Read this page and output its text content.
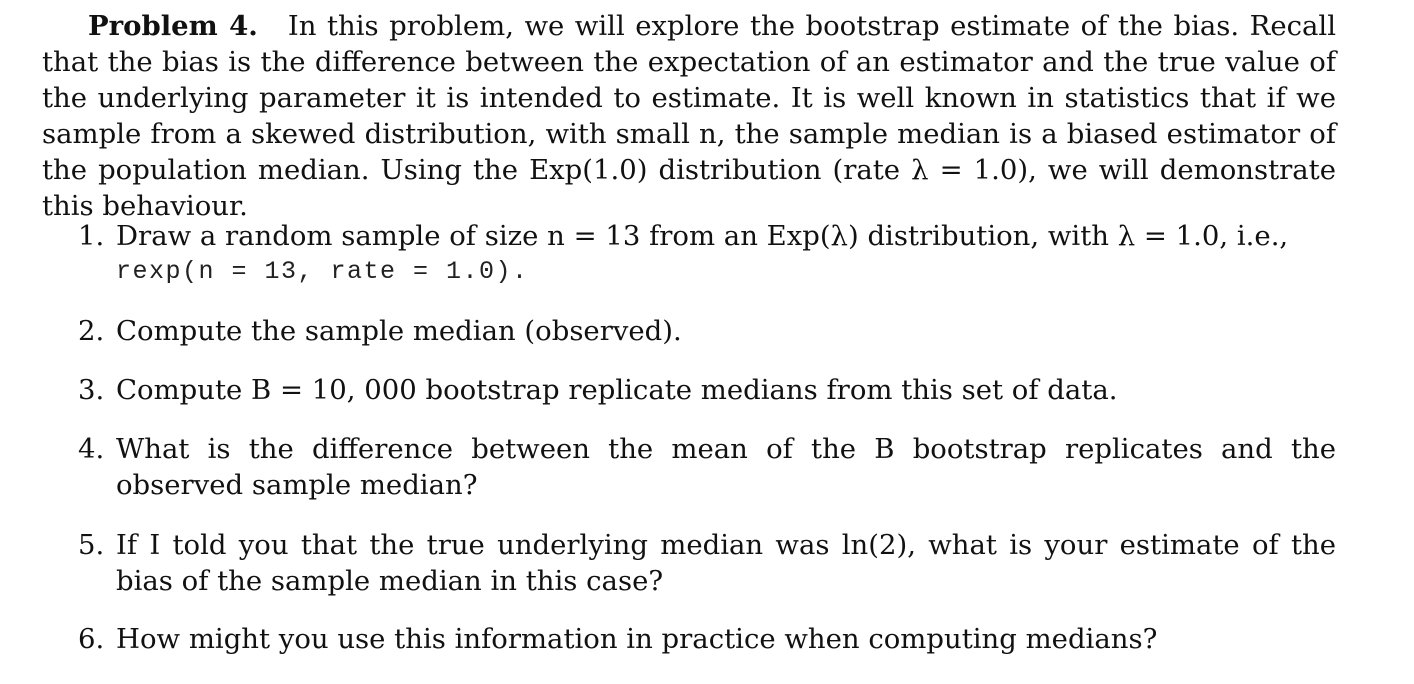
Problem 4. In this problem, we will explore the bootstrap estimate of the bias. Recall that the bias is the difference between the expectation of an estimator and the true value of the underlying parameter it is intended to estimate. It is well known in statistics that if we sample from a skewed distribution, with small n, the sample median is a biased estimator of the population median. Using the Exp(1.0) distribution (rate λ = 1.0), we will demonstrate this behaviour.

1. Draw a random sample of size n = 13 from an Exp(λ) distribution, with λ = 1.0, i.e.,
rexp(n = 13, rate = 1.0).
2. Compute the sample median (observed).
3. Compute B = 10, 000 bootstrap replicate medians from this set of data.
4. What is the difference between the mean of the B bootstrap replicates and the observed sample median?
5. If I told you that the true underlying median was ln(2), what is your estimate of the bias of the sample median in this case?
6. How might you use this information in practice when computing medians?
